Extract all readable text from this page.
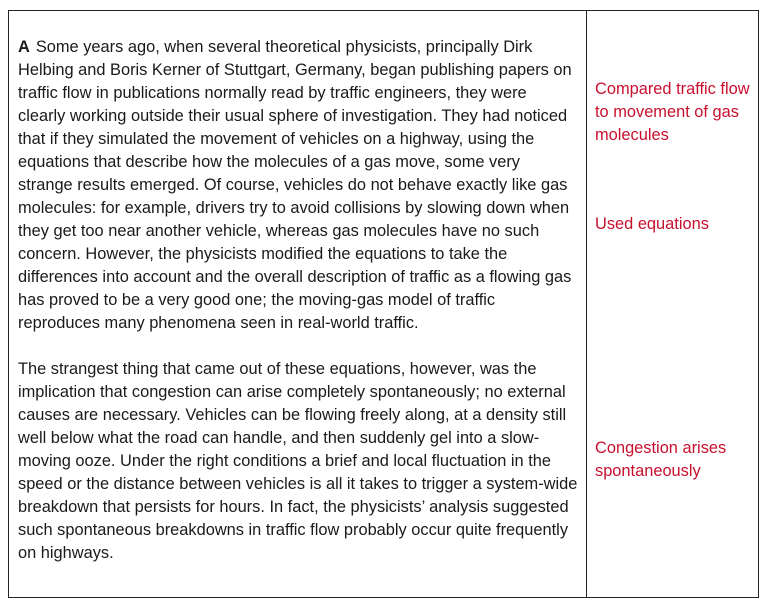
A Some years ago, when several theoretical physicists, principally Dirk Helbing and Boris Kerner of Stuttgart, Germany, began publishing papers on traffic flow in publications normally read by traffic engineers, they were clearly working outside their usual sphere of investigation. They had noticed that if they simulated the movement of vehicles on a highway, using the equations that describe how the molecules of a gas move, some very strange results emerged. Of course, vehicles do not behave exactly like gas molecules: for example, drivers try to avoid collisions by slowing down when they get too near another vehicle, whereas gas molecules have no such concern. However, the physicists modified the equations to take the differences into account and the overall description of traffic as a flowing gas has proved to be a very good one; the moving-gas model of traffic reproduces many phenomena seen in real-world traffic.

The strangest thing that came out of these equations, however, was the implication that congestion can arise completely spontaneously; no external causes are necessary. Vehicles can be flowing freely along, at a density still well below what the road can handle, and then suddenly gel into a slow-moving ooze. Under the right conditions a brief and local fluctuation in the speed or the distance between vehicles is all it takes to trigger a system-wide breakdown that persists for hours. In fact, the physicists’ analysis suggested such spontaneous breakdowns in traffic flow probably occur quite frequently on highways.

Compared traffic flow to movement of gas molecules

Used equations

Congestion arises spontaneously
